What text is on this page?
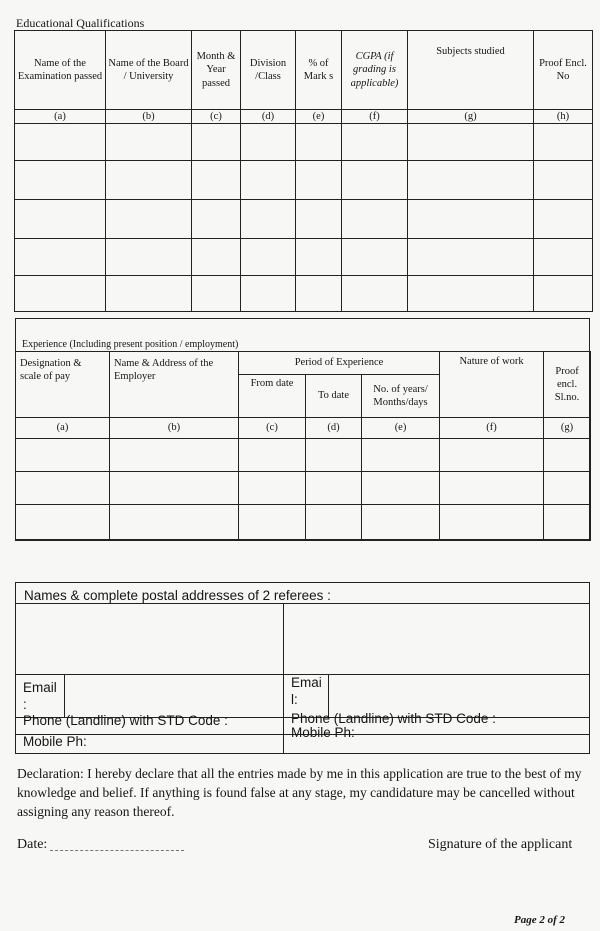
Educational Qualifications
Name of the Examination passed	Name of the Board / University	Month & Year passed	Division /Class	% of Mark s	CGPA (if grading is applicable)	Subjects studied	Proof Encl. No
(a)	(b)	(c)	(d)	(e)	(f)	(g)	(h)

Experience (Including present position / employment)
Designation & scale of pay	Name & Address of the Employer	Period of Experience			Nature of work	Proof encl. Sl.no.
		From date	To date	No. of years/ Months/days		
(a)	(b)	(c)	(d)	(e)	(f)	(g)

Names & complete postal addresses of 2 referees :
Email :
Emai l:
Phone (Landline) with STD Code :	Phone (Landline) with STD Code :
Mobile Ph:
Mobile Ph:
Declaration: I hereby declare that all the entries made by me in this application are true to the best of my knowledge and belief. If anything is found false at any stage, my candidature may be cancelled without assigning any reason thereof.
Date:	Signature of the applicant
Page 2 of 2
